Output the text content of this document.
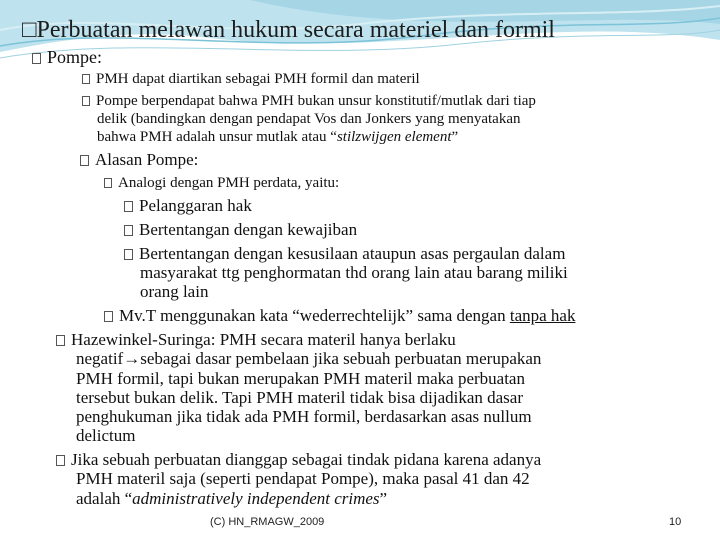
□Perbuatan melawan hukum secara materiel dan formil
Pompe:
PMH dapat diartikan sebagai PMH formil dan materil
Pompe berpendapat bahwa PMH bukan unsur konstitutif/mutlak dari tiap
delik (bandingkan dengan pendapat Vos dan Jonkers yang menyatakan
bahwa PMH adalah unsur mutlak atau “stilzwijgen element”
Alasan Pompe:
Analogi dengan PMH perdata, yaitu:
Pelanggaran hak
Bertentangan dengan kewajiban
Bertentangan dengan kesusilaan ataupun asas pergaulan dalam
masyarakat ttg penghormatan thd orang lain atau barang miliki
orang lain
Mv.T menggunakan kata “wederrechtelijk” sama dengan tanpa hak
Hazewinkel-Suringa: PMH secara materil hanya berlaku
negatif→sebagai dasar pembelaan jika sebuah perbuatan merupakan
PMH formil, tapi bukan merupakan PMH materil maka perbuatan
tersebut bukan delik. Tapi PMH materil tidak bisa dijadikan dasar
penghukuman jika tidak ada PMH formil, berdasarkan asas nullum
delictum
Jika sebuah perbuatan dianggap sebagai tindak pidana karena adanya
PMH materil saja (seperti pendapat Pompe), maka pasal 41 dan 42
adalah “administratively independent crimes”
(C) HN_RMAGW_2009	10
